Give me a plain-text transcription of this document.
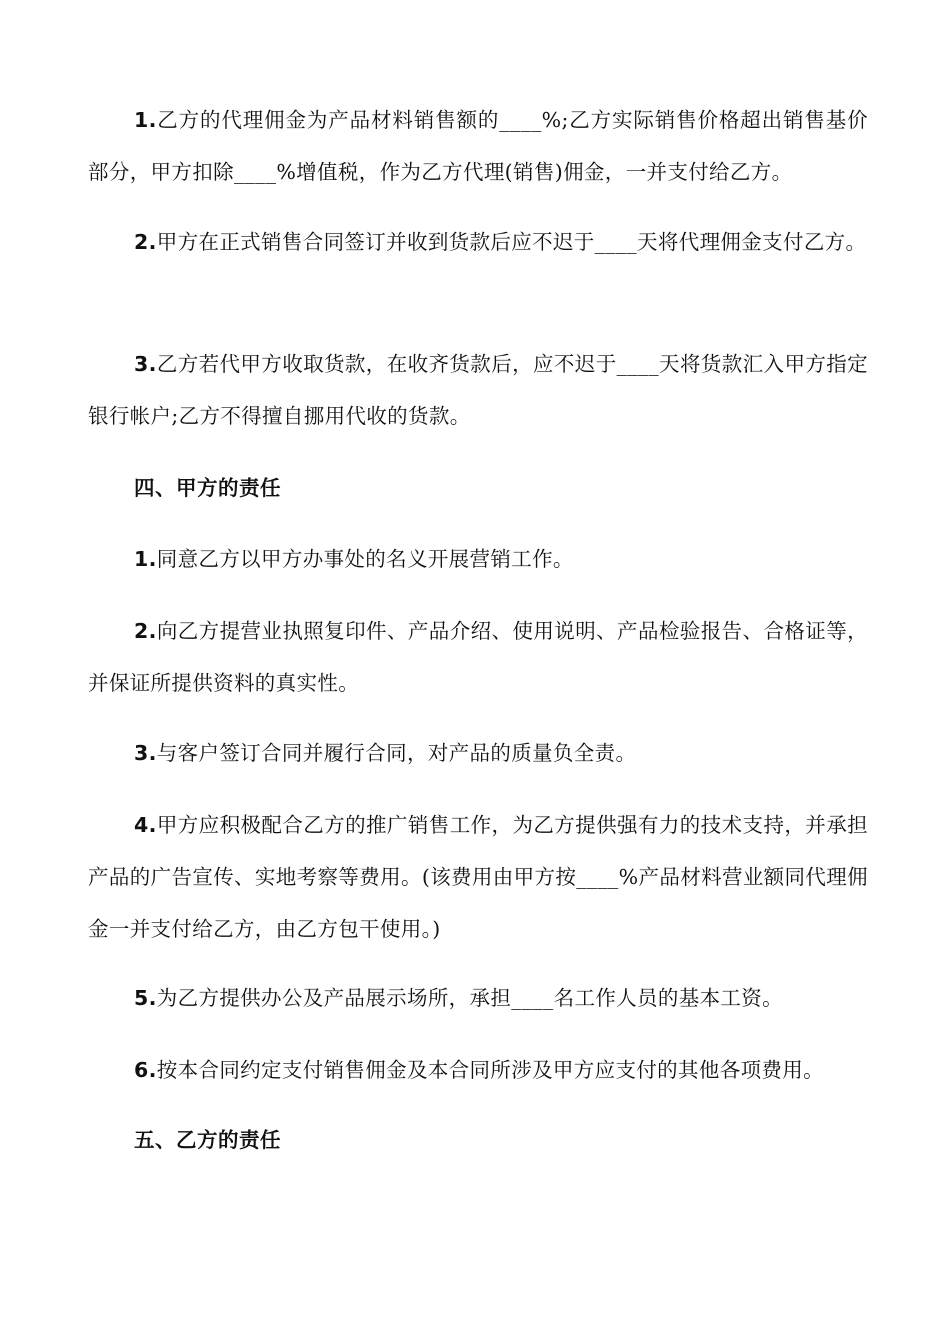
1.乙方的代理佣金为产品材料销售额的____%;乙方实际销售价格超出销售基价部分，甲方扣除____%增值税，作为乙方代理(销售)佣金，一并支付给乙方。

2.甲方在正式销售合同签订并收到货款后应不迟于____天将代理佣金支付乙方。

3.乙方若代甲方收取货款，在收齐货款后，应不迟于____天将货款汇入甲方指定银行帐户;乙方不得擅自挪用代收的货款。

四、甲方的责任

1.同意乙方以甲方办事处的名义开展营销工作。

2.向乙方提营业执照复印件、产品介绍、使用说明、产品检验报告、合格证等，并保证所提供资料的真实性。

3.与客户签订合同并履行合同，对产品的质量负全责。

4.甲方应积极配合乙方的推广销售工作，为乙方提供强有力的技术支持，并承担产品的广告宣传、实地考察等费用。(该费用由甲方按____%产品材料营业额同代理佣金一并支付给乙方，由乙方包干使用。)

5.为乙方提供办公及产品展示场所，承担____名工作人员的基本工资。

6.按本合同约定支付销售佣金及本合同所涉及甲方应支付的其他各项费用。

五、乙方的责任
